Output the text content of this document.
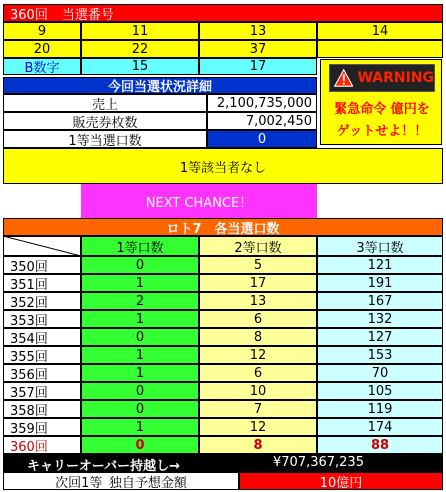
360回	当選番号
9	11	13	14
20	22	37
B数字	15	17
WARNING
緊急命令 億円を
ゲットせよ！！
今回当選状況詳細
売上	2,100,735,000
販売券枚数	7,002,450
1等当選口数	0
1等該当者なし
NEXT CHANCE！
ロト7　各当選口数
1等口数	2等口数	3等口数
350回	0	5	121
351回	1	17	191
352回	2	13	167
353回	1	6	132
354回	0	8	127
355回	1	12	153
356回	1	6	70
357回	0	10	105
358回	0	7	119
359回	1	12	174
360回	0	8	88
キャリーオーバー持越し→	¥707,367,235
次回1等_独自予想金額	10億円
